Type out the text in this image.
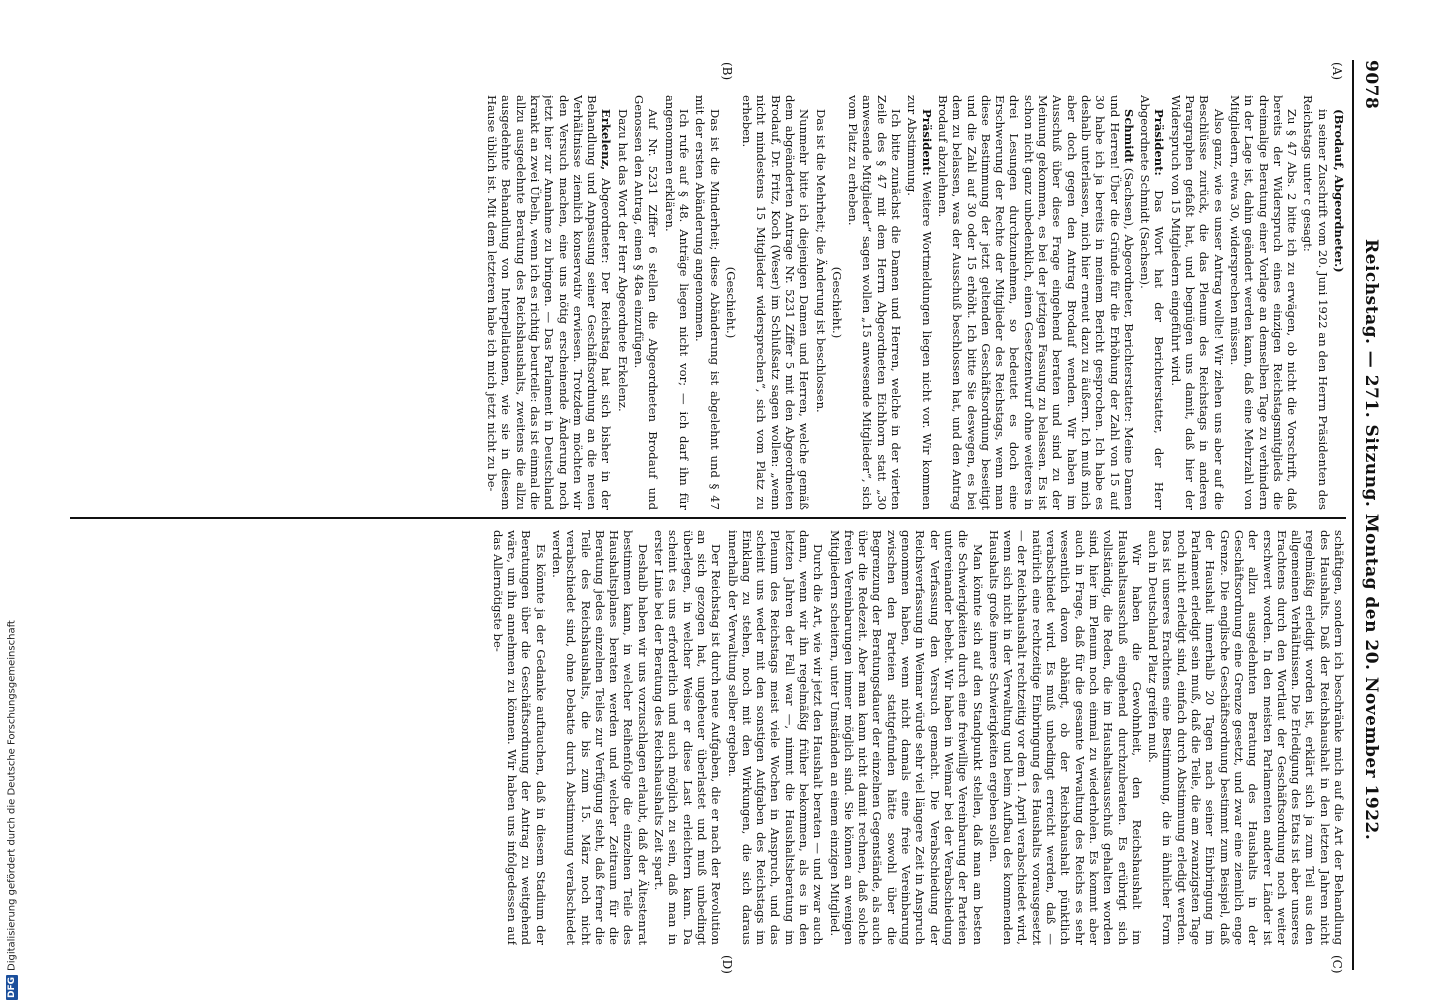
9078
Reichstag. — 271. Sitzung. Montag den 20. November 1922.
(A)
(B)
(C)
(D)

(Brodauf, Abgeordneter.)

in seiner Zuschrift vom 20. Juni 1922 an den Herrn Präsidenten des Reichstags unter c gesagt:

Zu § 47 Abs. 2 bitte ich zu erwägen, ob nicht die Vorschrift, daß bereits der Widerspruch eines einzigen Reichstagsmitglieds die dreimalige Beratung einer Vorlage an demselben Tage zu verhindern in der Lage ist, dahin geändert werden kann, daß eine Mehrzahl von Mitgliedern, etwa 30, widersprechen müssen.

Also ganz, wie es unser Antrag wollte! Wir ziehen uns aber auf die Beschlüsse zurück, die das Plenum des Reichstags in anderen Paragraphen gefaßt hat, und begnügen uns damit, daß hier der Widerspruch von 15 Mitgliedern eingeführt wird.

Präsident: Das Wort hat der Berichterstatter, der Herr Abgeordnete Schmidt (Sachsen).

Schmidt (Sachsen), Abgeordneter, Berichterstatter: Meine Damen und Herren! Über die Gründe für die Erhöhung der Zahl von 15 auf 30 habe ich ja bereits in meinem Bericht gesprochen. Ich habe es deshalb unterlassen, mich hier erneut dazu zu äußern. Ich muß mich aber doch gegen den Antrag Brodauf wenden. Wir haben im Ausschuß über diese Frage eingehend beraten und sind zu der Meinung gekommen, es bei der jetzigen Fassung zu belassen. Es ist schon nicht ganz unbedenklich, einen Gesetzentwurf ohne weiteres in drei Lesungen durchzunehmen, so bedeutet es doch eine Erschwerung der Rechte der Mitglieder des Reichstags, wenn man diese Bestimmung der jetzt geltenden Geschäftsordnung beseitigt und die Zahl auf 30 oder 15 erhöht. Ich bitte Sie deswegen, es bei dem zu belassen, was der Ausschuß beschlossen hat, und den Antrag Brodauf abzulehnen.

Präsident: Weitere Wortmeldungen liegen nicht vor. Wir kommen zur Abstimmung.

Ich bitte zunächst die Damen und Herren, welche in der vierten Zeile des § 47 mit dem Herrn Abgeordneten Eichhorn statt „30 anwesende Mitglieder“ sagen wollen „15 anwesende Mitglieder“, sich vom Platz zu erheben.

(Geschieht.)

Das ist die Mehrheit; die Änderung ist beschlossen.

Nunmehr bitte ich diejenigen Damen und Herren, welche gemäß dem abgeänderten Antrage Nr. 5231 Ziffer 5 mit den Abgeordneten Brodauf, Dr. Fritz, Koch (Weser) im Schlußsatz sagen wollen: „wenn nicht mindestens 15 Mitglieder widersprechen“, sich vom Platz zu erheben.

(Geschieht.)

Das ist die Minderheit; diese Abänderung ist abgelehnt und § 47 mit der ersten Abänderung angenommen.

Ich rufe auf § 48. Anträge liegen nicht vor; — ich darf ihn für angenommen erklären.

Auf Nr. 5231 Ziffer 6 stellen die Abgeordneten Brodauf und Genossen den Antrag, einen § 48a einzufügen.

Dazu hat das Wort der Herr Abgeordnete Erkelenz.

Erkelenz, Abgeordneter: Der Reichstag hat sich bisher in der Behandlung und Anpassung seiner Geschäftsordnung an die neuen Verhältnisse ziemlich konservativ erwiesen. Trotzdem möchten wir den Versuch machen, eine uns nötig erscheinende Änderung noch jetzt hier zur Annahme zu bringen. — Das Parlament in Deutschland krankt an zwei Übeln, wenn ich es richtig beurteile: das ist einmal die allzu ausgedehnte Beratung des Reichshaushalts, zweitens die allzu ausgedehnte Behandlung von Interpellationen, wie sie in diesem Hause üblich ist. Mit dem letzteren habe ich mich jetzt nicht zu be-

schäftigen, sondern ich beschränke mich auf die Art der Behandlung des Haushalts. Daß der Reichshaushalt in den letzten Jahren nicht regelmäßig erledigt worden ist, erklärt sich ja zum Teil aus den allgemeinen Verhältnissen. Die Erledigung des Etats ist aber unseres Erachtens durch den Wortlaut der Geschäftsordnung noch weiter erschwert worden. In den meisten Parlamenten anderer Länder ist der allzu ausgedehnten Beratung des Haushalts in der Geschäftsordnung eine Grenze gesetzt, und zwar eine ziemlich enge Grenze. Die englische Geschäftsordnung bestimmt zum Beispiel, daß der Haushalt innerhalb 20 Tagen nach seiner Einbringung im Parlament erledigt sein muß, daß die Teile, die am zwanzigsten Tage noch nicht erledigt sind, einfach durch Abstimmung erledigt werden. Das ist unseres Erachtens eine Bestimmung, die in ähnlicher Form auch in Deutschland Platz greifen muß.

Wir haben die Gewohnheit, den Reichshaushalt im Haushaltsausschuß eingehend durchzuberaten. Es erübrigt sich vollständig, die Reden, die im Haushaltsausschuß gehalten worden sind, hier im Plenum noch einmal zu wiederholen. Es kommt aber auch in Frage, daß für die gesamte Verwaltung des Reichs es sehr wesentlich davon abhängt, ob der Reichshaushalt pünktlich verabschiedet wird. Es muß unbedingt erreicht werden, daß — natürlich eine rechtzeitige Einbringung des Haushalts vorausgesetzt — der Reichshaushalt rechtzeitig vor dem 1. April verabschiedet wird, wenn sich nicht in der Verwaltung und beim Aufbau des kommenden Haushalts große innere Schwierigkeiten ergeben sollen.

Man könnte sich auf den Standpunkt stellen, daß man am besten die Schwierigkeiten durch eine freiwillige Vereinbarung der Parteien untereinander behebt. Wir haben in Weimar bei der Verabschiedung der Verfassung den Versuch gemacht. Die Verabschiedung der Reichsverfassung in Weimar würde sehr viel längere Zeit in Anspruch genommen haben, wenn nicht damals eine freie Vereinbarung zwischen den Parteien stattgefunden hätte sowohl über die Begrenzung der Beratungsdauer der einzelnen Gegenstände, als auch über die Redezeit. Aber man kann nicht damit rechnen, daß solche freien Vereinbarungen immer möglich sind. Sie können an wenigen Mitgliedern scheitern, unter Umständen an einem einzigen Mitglied.

Durch die Art, wie wir jetzt den Haushalt beraten — und zwar auch dann, wenn wir ihn regelmäßig früher bekommen, als es in den letzten Jahren der Fall war —, nimmt die Haushaltsberatung im Plenum des Reichstags meist viele Wochen in Anspruch, und das scheint uns weder mit den sonstigen Aufgaben des Reichstags im Einklang zu stehen, noch mit den Wirkungen, die sich daraus innerhalb der Verwaltung selber ergeben.

Der Reichstag ist durch neue Aufgaben, die er nach der Revolution an sich gezogen hat, ungeheuer überlastet und muß unbedingt überlegen, in welcher Weise er diese Last erleichtern kann. Da scheint es uns erforderlich und auch möglich zu sein, daß man in erster Linie bei der Beratung des Reichshaushalts Zeit spart.

Deshalb haben wir uns vorzuschlagen erlaubt, daß der Ältestenrat bestimmen kann, in welcher Reihenfolge die einzelnen Teile des Haushaltsplanes beraten werden und welcher Zeitraum für die Beratung jedes einzelnen Teiles zur Verfügung steht, daß ferner die Teile des Reichshaushalts, die bis zum 15. März noch nicht verabschiedet sind, ohne Debatte durch Abstimmung verabschiedet werden.

Es könnte ja der Gedanke auftauchen, daß in diesem Stadium der Beratungen über die Geschäftsordnung der Antrag zu weitgehend wäre, um ihn annehmen zu können. Wir haben uns infolgedessen auf das Allernötigste be-

DFG
Digitalisierung gefördert durch die Deutsche Forschungsgemeinschaft
